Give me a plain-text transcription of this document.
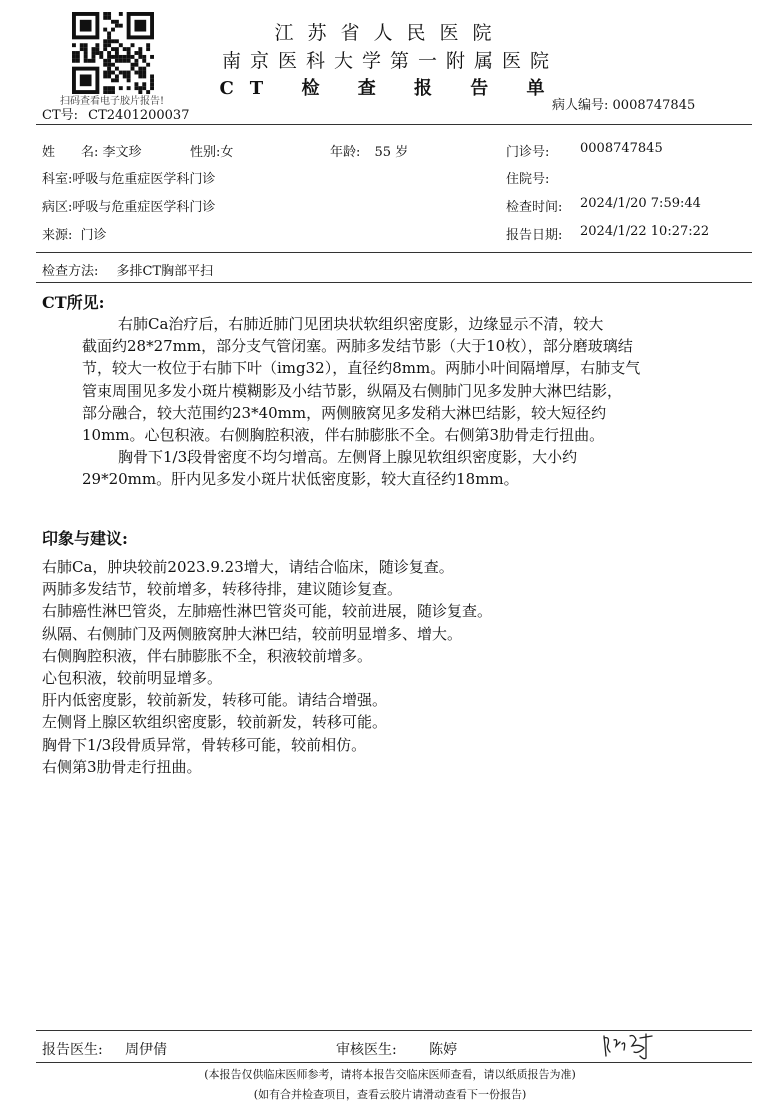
扫码查看电子胶片报告!
江苏省人民医院
南京医科大学第一附属医院
CT 检 查 报 告 单
CT号: CT2401200037
病人编号: 0008747845
姓　　名: 李文珍	性别:女	年龄: 55 岁	门诊号: 0008747845
科室:呼吸与危重症医学科门诊	住院号:
病区:呼吸与危重症医学科门诊	检查时间: 2024/1/20 7:59:44
来源: 门诊	报告日期: 2024/1/22 10:27:22
检查方法: 多排CT胸部平扫
CT所见:
右肺Ca治疗后，右肺近肺门见团块状软组织密度影，边缘显示不清，较大
截面约28*27mm，部分支气管闭塞。两肺多发结节影（大于10枚），部分磨玻璃结
节，较大一枚位于右肺下叶（img32），直径约8mm。两肺小叶间隔增厚，右肺支气
管束周围见多发小斑片模糊影及小结节影，纵隔及右侧肺门见多发肿大淋巴结影，
部分融合，较大范围约23*40mm，两侧腋窝见多发稍大淋巴结影，较大短径约
10mm。心包积液。右侧胸腔积液，伴右肺膨胀不全。右侧第3肋骨走行扭曲。
胸骨下1/3段骨密度不均匀增高。左侧肾上腺见软组织密度影，大小约
29*20mm。肝内见多发小斑片状低密度影，较大直径约18mm。
印象与建议:
右肺Ca，肿块较前2023.9.23增大，请结合临床，随诊复查。
两肺多发结节，较前增多，转移待排，建议随诊复查。
右肺癌性淋巴管炎，左肺癌性淋巴管炎可能，较前进展，随诊复查。
纵隔、右侧肺门及两侧腋窝肿大淋巴结，较前明显增多、增大。
右侧胸腔积液，伴右肺膨胀不全，积液较前增多。
心包积液，较前明显增多。
肝内低密度影，较前新发，转移可能。请结合增强。
左侧肾上腺区软组织密度影，较前新发，转移可能。
胸骨下1/3段骨质异常，骨转移可能，较前相仿。
右侧第3肋骨走行扭曲。
报告医生: 周伊倩	审核医生: 陈婷
(本报告仅供临床医师参考，请将本报告交临床医师查看，请以纸质报告为准)
(如有合并检查项目，查看云胶片请滑动查看下一份报告)
